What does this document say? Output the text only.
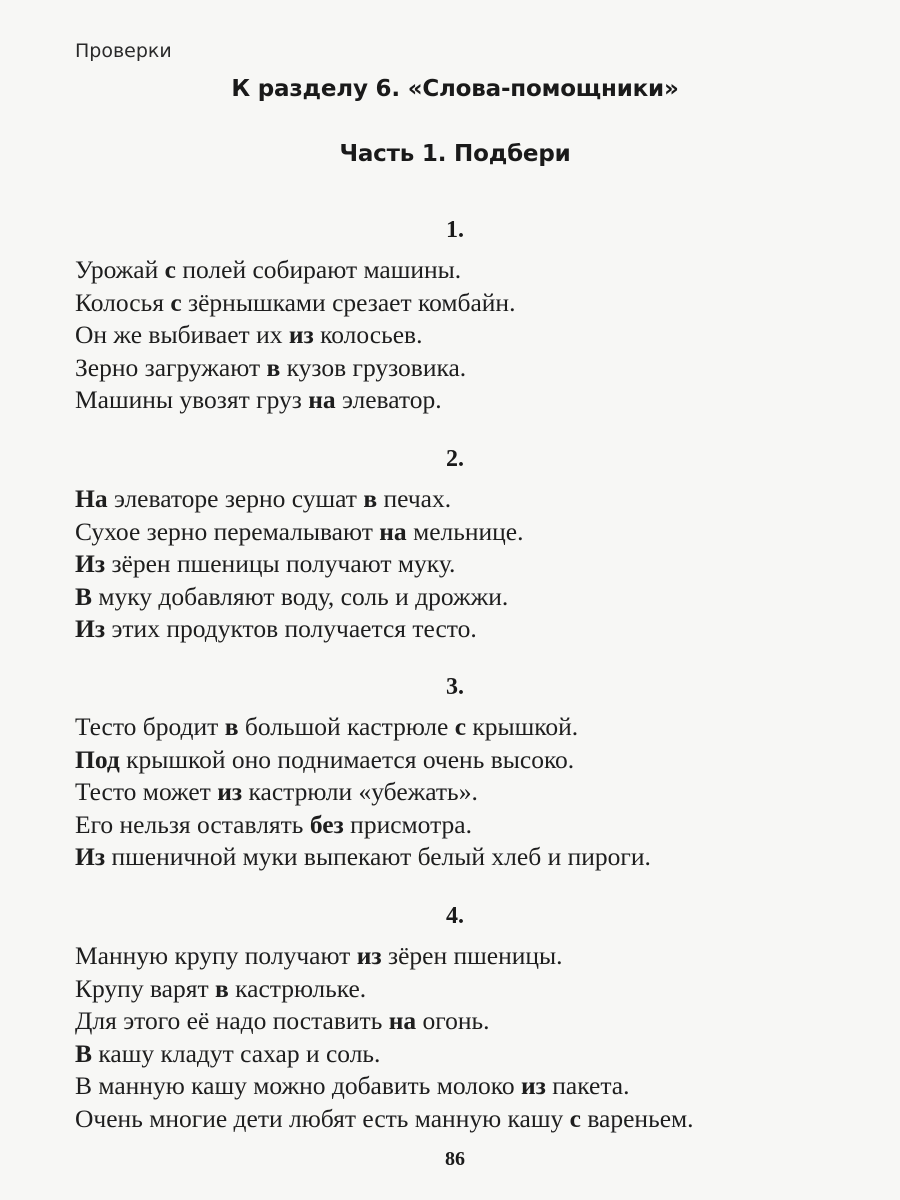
Проверки
К разделу 6. «Слова-помощники»
Часть 1. Подбери
1.
Урожай с полей собирают машины.
Колосья с зёрнышками срезает комбайн.
Он же выбивает их из колосьев.
Зерно загружают в кузов грузовика.
Машины увозят груз на элеватор.
2.
На элеваторе зерно сушат в печах.
Сухое зерно перемалывают на мельнице.
Из зёрен пшеницы получают муку.
В муку добавляют воду, соль и дрожжи.
Из этих продуктов получается тесто.
3.
Тесто бродит в большой кастрюле с крышкой.
Под крышкой оно поднимается очень высоко.
Тесто может из кастрюли «убежать».
Его нельзя оставлять без присмотра.
Из пшеничной муки выпекают белый хлеб и пироги.
4.
Манную крупу получают из зёрен пшеницы.
Крупу варят в кастрюльке.
Для этого её надо поставить на огонь.
В кашу кладут сахар и соль.
В манную кашу можно добавить молоко из пакета.
Очень многие дети любят есть манную кашу с вареньем.
86
